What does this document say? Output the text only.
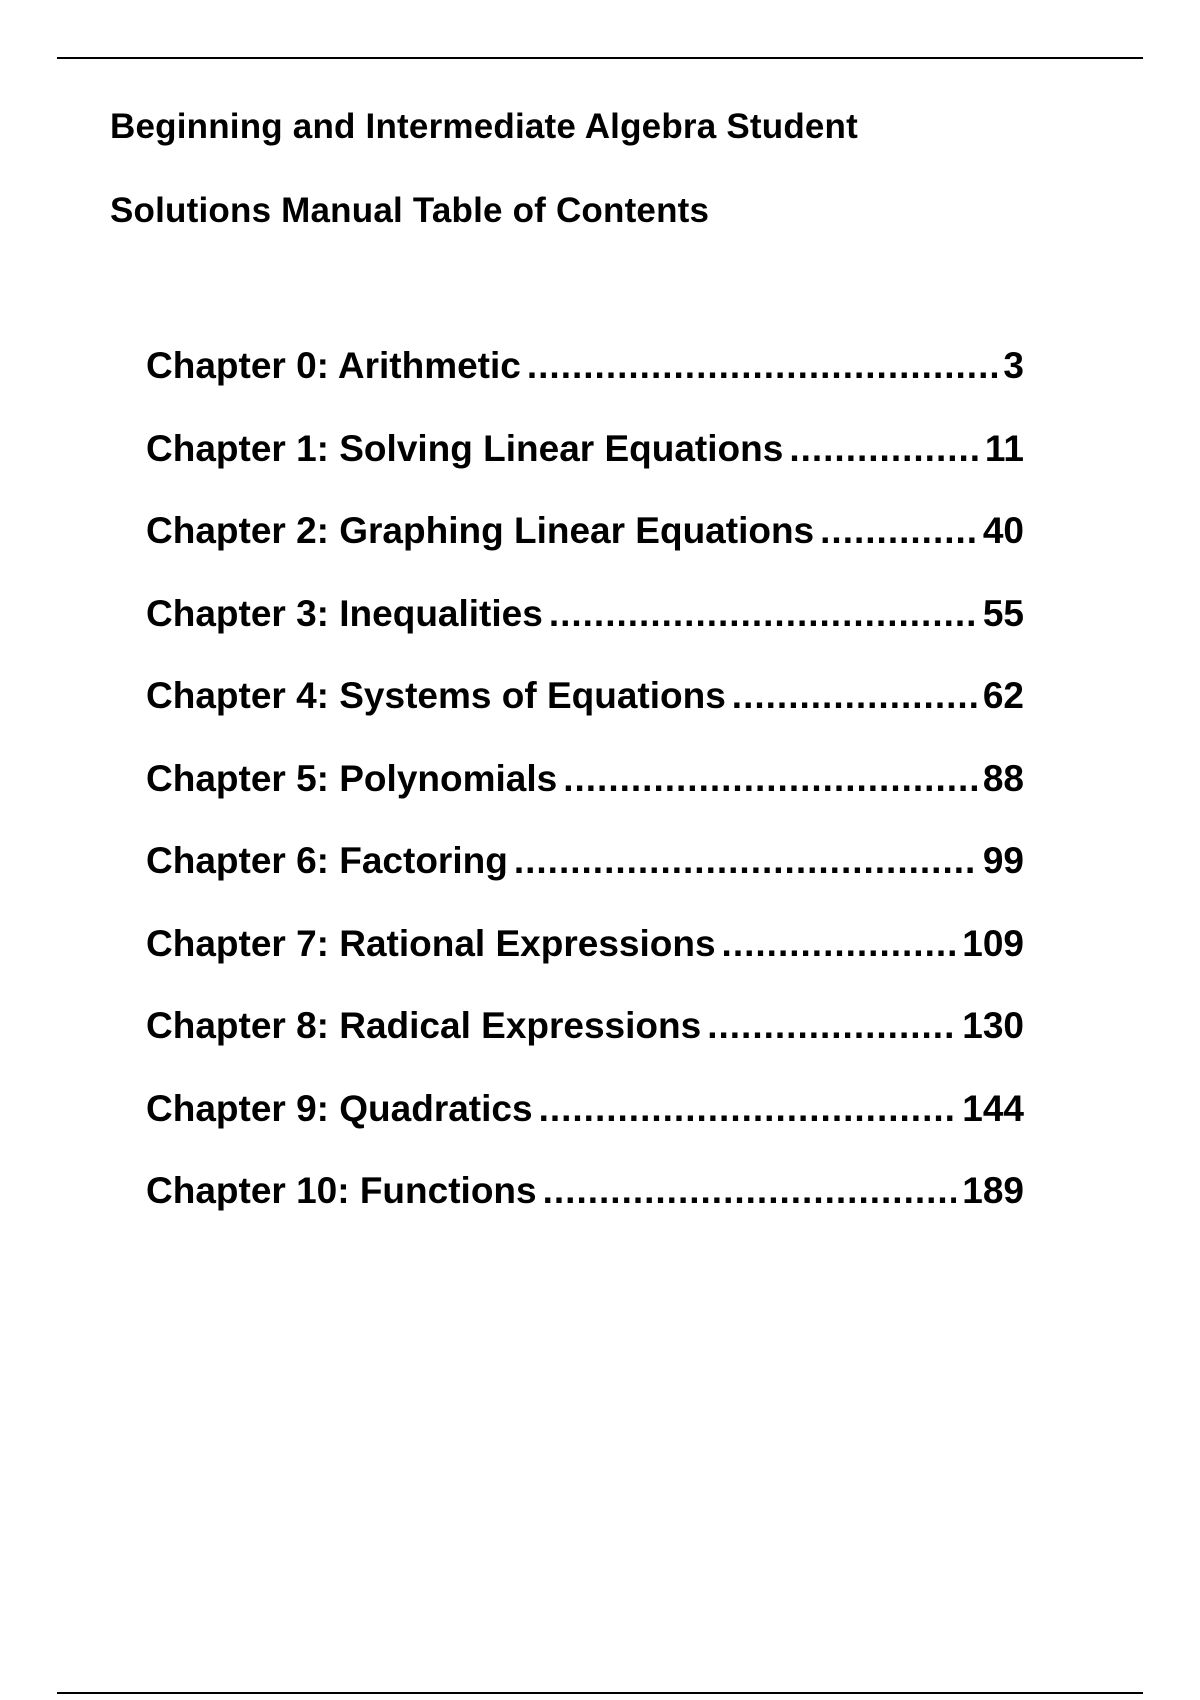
Beginning and Intermediate Algebra Student
Solutions Manual Table of Contents
Chapter 0: Arithmetic .....	3
Chapter 1: Solving Linear Equations .....	11
Chapter 2: Graphing Linear Equations .....	40
Chapter 3: Inequalities .....	55
Chapter 4: Systems of Equations .....	62
Chapter 5: Polynomials .....	88
Chapter 6: Factoring .....	99
Chapter 7: Rational Expressions .....	109
Chapter 8: Radical Expressions .....	130
Chapter 9: Quadratics .....	144
Chapter 10: Functions .....	189
